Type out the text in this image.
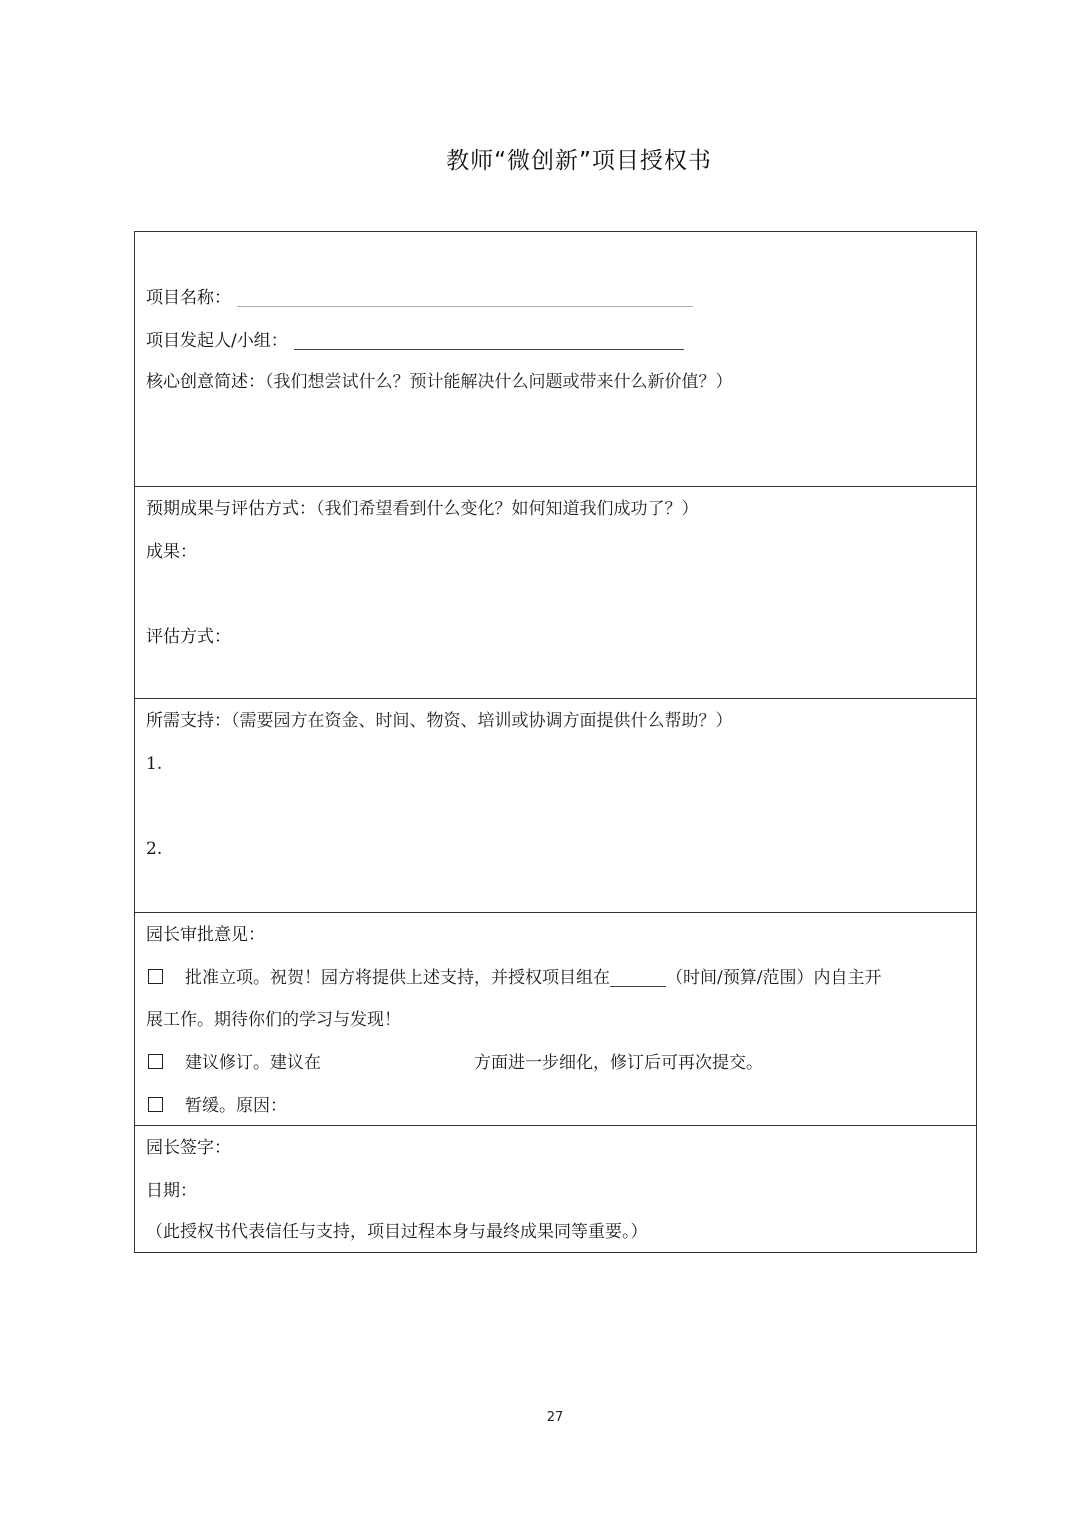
教师“微创新”项目授权书
项目名称：
项目发起人/小组：
核心创意简述：（我们想尝试什么？预计能解决什么问题或带来什么新价值？）

预期成果与评估方式：（我们希望看到什么变化？如何知道我们成功了？）
成果：
评估方式：

所需支持：（需要园方在资金、时间、物资、培训或协调方面提供什么帮助？）
1.
2.

园长审批意见：
批准立项。祝贺！园方将提供上述支持，并授权项目组在	（时间/预算/范围）内自主开
展工作。期待你们的学习与发现！
建议修订。建议在	方面进一步细化，修订后可再次提交。
暂缓。原因：

园长签字：
日期：
（此授权书代表信任与支持，项目过程本身与最终成果同等重要。）
27
